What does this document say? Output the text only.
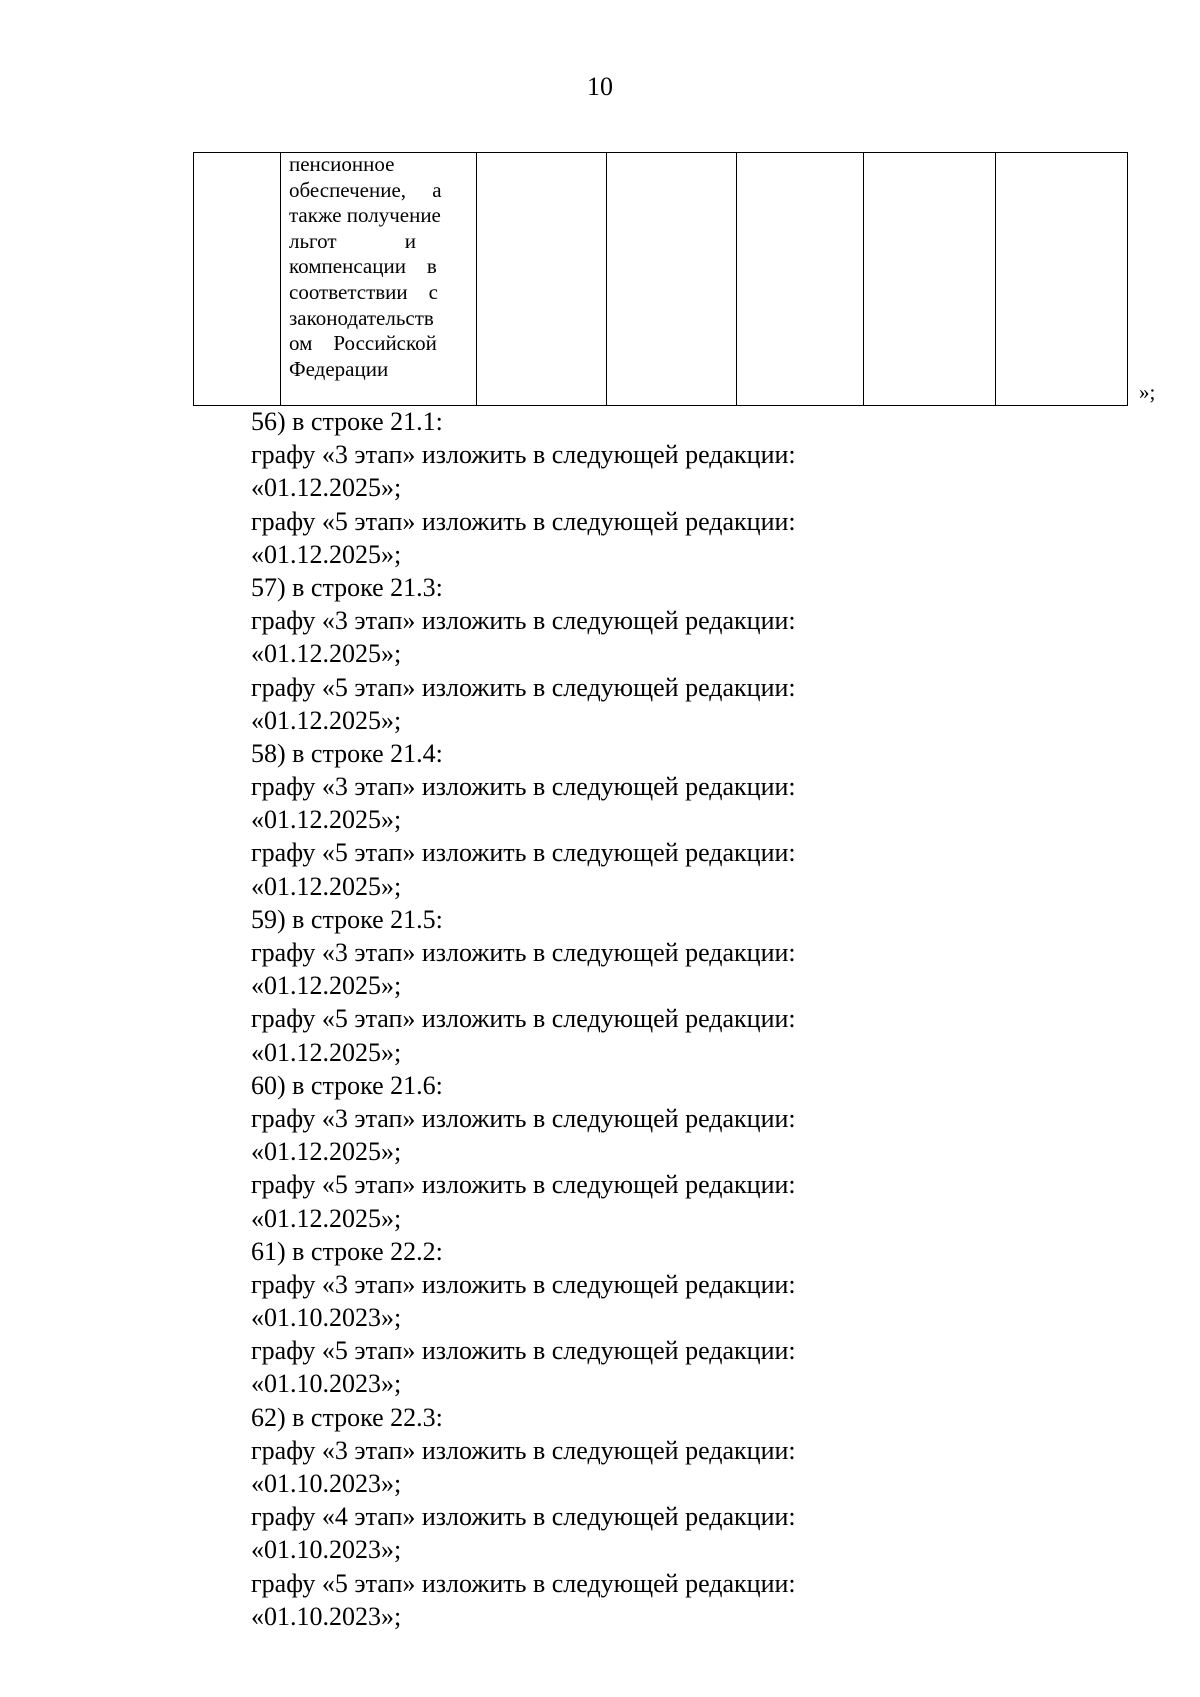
10

пенсионное
обеспечение,     а
также получение
льгот             и
компенсации    в
соответствии    с
законодательств
ом    Российской
Федерации

»;
56) в строке 21.1:
графу «3 этап» изложить в следующей редакции:
«01.12.2025»;
графу «5 этап» изложить в следующей редакции:
«01.12.2025»;
57) в строке 21.3:
графу «3 этап» изложить в следующей редакции:
«01.12.2025»;
графу «5 этап» изложить в следующей редакции:
«01.12.2025»;
58) в строке 21.4:
графу «3 этап» изложить в следующей редакции:
«01.12.2025»;
графу «5 этап» изложить в следующей редакции:
«01.12.2025»;
59) в строке 21.5:
графу «3 этап» изложить в следующей редакции:
«01.12.2025»;
графу «5 этап» изложить в следующей редакции:
«01.12.2025»;
60) в строке 21.6:
графу «3 этап» изложить в следующей редакции:
«01.12.2025»;
графу «5 этап» изложить в следующей редакции:
«01.12.2025»;
61) в строке 22.2:
графу «3 этап» изложить в следующей редакции:
«01.10.2023»;
графу «5 этап» изложить в следующей редакции:
«01.10.2023»;
62) в строке 22.3:
графу «3 этап» изложить в следующей редакции:
«01.10.2023»;
графу «4 этап» изложить в следующей редакции:
«01.10.2023»;
графу «5 этап» изложить в следующей редакции:
«01.10.2023»;
